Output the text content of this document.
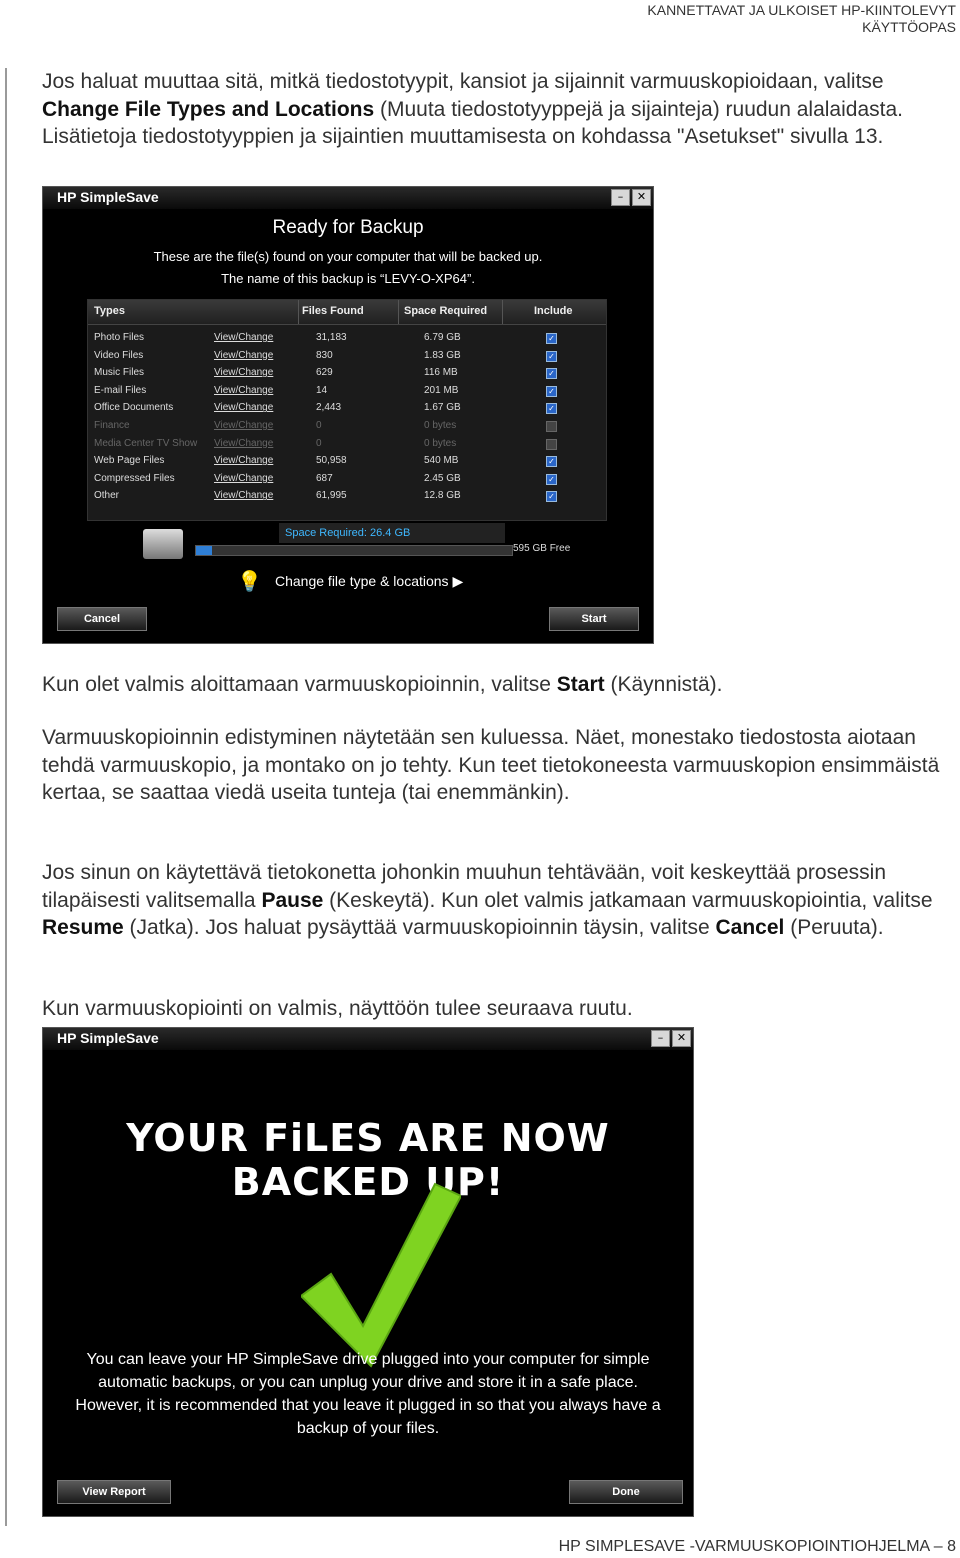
KANNETTAVAT JA ULKOISET HP-KIINTOLEVYT
KÄYTTÖOPAS

Jos haluat muuttaa sitä, mitkä tiedostotyypit, kansiot ja sijainnit varmuuskopioidaan, valitse Change File Types and Locations (Muuta tiedostotyyppejä ja sijainteja) ruudun alalaidasta. Lisätietoja tiedostotyyppien ja sijaintien muuttamisesta on kohdassa "Asetukset" sivulla 13.

HP SimpleSave	–	✕
Ready for Backup
These are the file(s) found on your computer that will be backed up.
The name of this backup is “LEVY-O-XP64”.
Types	Files Found	Space Required	Include
Photo Files	View/Change	31,183	6.79 GB	✓
Video Files	View/Change	830	1.83 GB	✓
Music Files	View/Change	629	116 MB	✓
E-mail Files	View/Change	14	201 MB	✓
Office Documents	View/Change	2,443	1.67 GB	✓
Finance	View/Change	0	0 bytes
Media Center TV Show View/Change	0	0 bytes
Web Page Files	View/Change	50,958	540 MB	✓
Compressed Files	View/Change	687	2.45 GB	✓
Other	View/Change	61,995	12.8 GB	✓
Space Required: 26.4 GB
595 GB Free
💡 Change file type & locations ▶
Cancel	Start

Kun olet valmis aloittamaan varmuuskopioinnin, valitse Start (Käynnistä).

Varmuuskopioinnin edistyminen näytetään sen kuluessa. Näet, monestako tiedostosta aiotaan tehdä varmuuskopio, ja montako on jo tehty. Kun teet tietokoneesta varmuuskopion ensimmäistä kertaa, se saattaa viedä useita tunteja (tai enemmänkin).

Jos sinun on käytettävä tietokonetta johonkin muuhun tehtävään, voit keskeyttää prosessin tilapäisesti valitsemalla Pause (Keskeytä). Kun olet valmis jatkamaan varmuuskopiointia, valitse Resume (Jatka). Jos haluat pysäyttää varmuuskopioinnin täysin, valitse Cancel (Peruuta).

Kun varmuuskopiointi on valmis, näyttöön tulee seuraava ruutu.

HP SimpleSave	–	✕
YOUR FiLES ARE NOW BACKED UP!
You can leave your HP SimpleSave drive plugged into your computer for simple automatic backups, or you can unplug your drive and store it in a safe place. However, it is recommended that you leave it plugged in so that you always have a backup of your files.
View Report	Done
HP SIMPLESAVE -VARMUUSKOPIOINTIOHJELMA – 8
